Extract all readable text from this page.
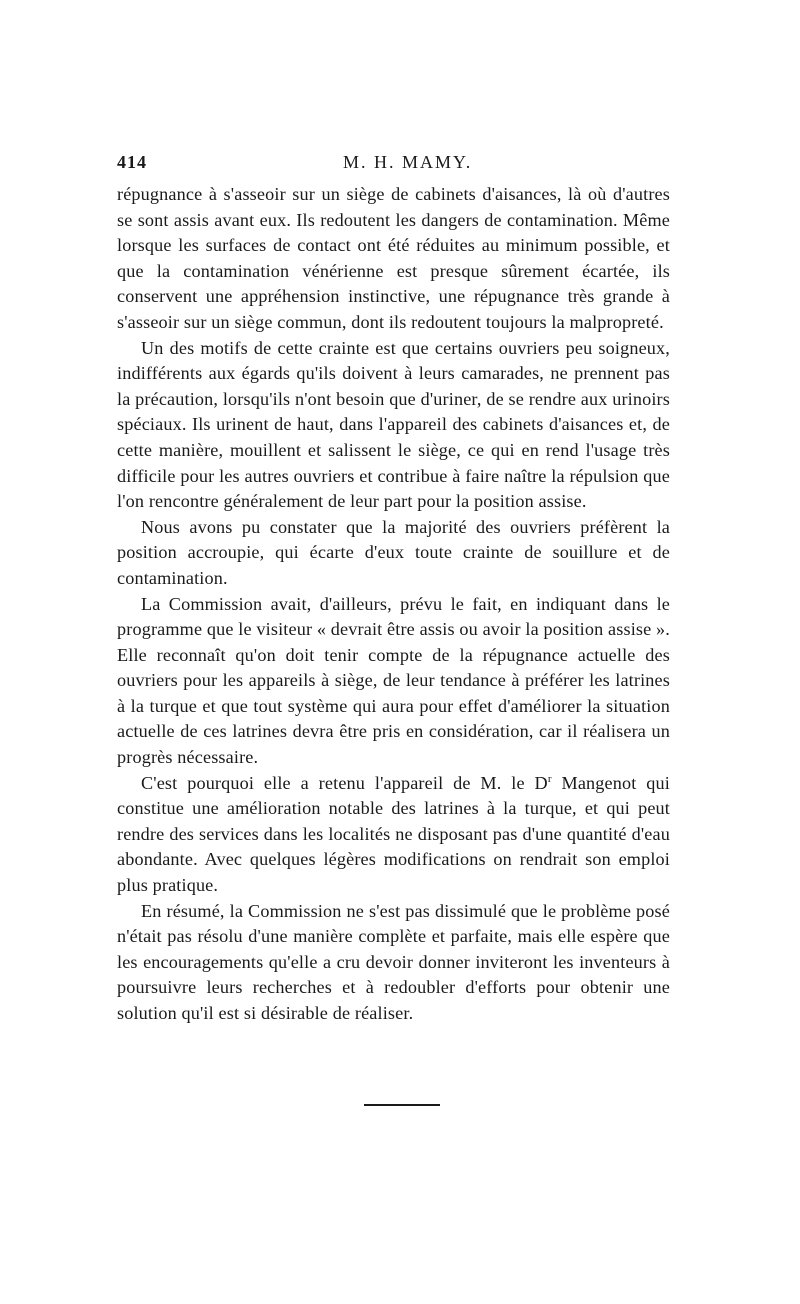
414	M. H. MAMY.

répugnance à s'asseoir sur un siège de cabinets d'aisances, là où d'autres se sont assis avant eux. Ils redoutent les dangers de contamination. Même lorsque les surfaces de contact ont été réduites au minimum possible, et que la contamination vénérienne est presque sûrement écartée, ils conservent une appréhension instinctive, une répugnance très grande à s'asseoir sur un siège commun, dont ils redoutent toujours la malpropreté.

Un des motifs de cette crainte est que certains ouvriers peu soigneux, indifférents aux égards qu'ils doivent à leurs camarades, ne prennent pas la précaution, lorsqu'ils n'ont besoin que d'uriner, de se rendre aux urinoirs spéciaux. Ils urinent de haut, dans l'appareil des cabinets d'aisances et, de cette manière, mouillent et salissent le siège, ce qui en rend l'usage très difficile pour les autres ouvriers et contribue à faire naître la répulsion que l'on rencontre généralement de leur part pour la position assise.

Nous avons pu constater que la majorité des ouvriers préfèrent la position accroupie, qui écarte d'eux toute crainte de souillure et de contamination.

La Commission avait, d'ailleurs, prévu le fait, en indiquant dans le programme que le visiteur « devrait être assis ou avoir la position assise ». Elle reconnaît qu'on doit tenir compte de la répugnance actuelle des ouvriers pour les appareils à siège, de leur tendance à préférer les latrines à la turque et que tout système qui aura pour effet d'améliorer la situation actuelle de ces latrines devra être pris en considération, car il réalisera un progrès nécessaire.

C'est pourquoi elle a retenu l'appareil de M. le $D^r$ Mangenot qui constitue une amélioration notable des latrines à la turque, et qui peut rendre des services dans les localités ne disposant pas d'une quantité d'eau abondante. Avec quelques légères modifications on rendrait son emploi plus pratique.

En résumé, la Commission ne s'est pas dissimulé que le problème posé n'était pas résolu d'une manière complète et parfaite, mais elle espère que les encouragements qu'elle a cru devoir donner inviteront les inventeurs à poursuivre leurs recherches et à redoubler d'efforts pour obtenir une solution qu'il est si désirable de réaliser.
